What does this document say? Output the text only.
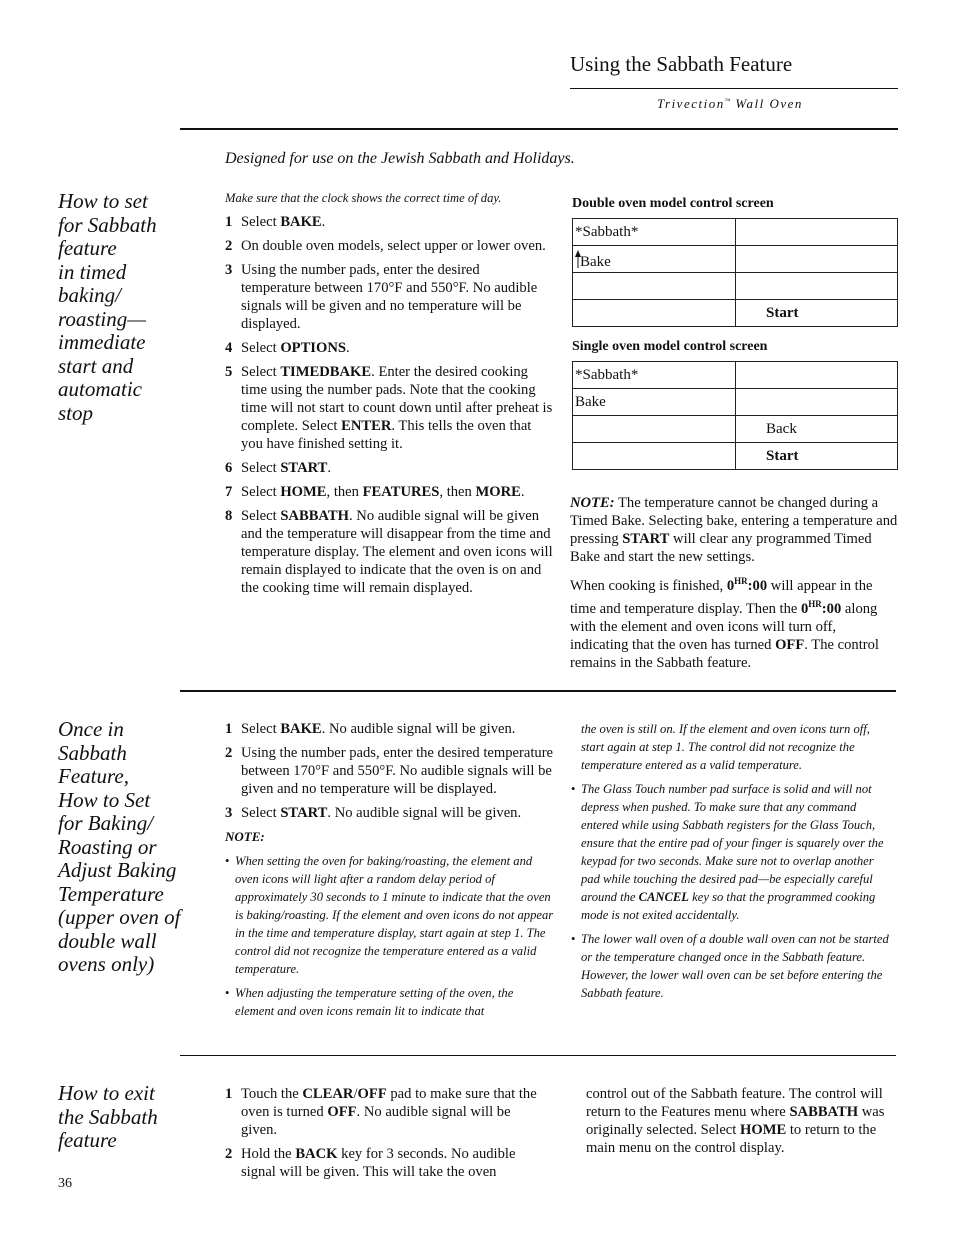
Using the Sabbath Feature
Trivection™ Wall Oven
Designed for use on the Jewish Sabbath and Holidays.
How to set
for Sabbath
feature
in timed
baking/
roasting—
immediate
start and
automatic
stop
Make sure that the clock shows the correct time of day.
1 Select BAKE.
2 On double oven models, select upper or lower oven.
3 Using the number pads, enter the desired temperature between 170°F and 550°F. No audible signals will be given and no temperature will be displayed.
4 Select OPTIONS.
5 Select TIMEDBAKE. Enter the desired cooking time using the number pads. Note that the cooking time will not start to count down until after preheat is complete. Select ENTER. This tells the oven that you have finished setting it.
6 Select START.
7 Select HOME, then FEATURES, then MORE.
8 Select SABBATH. No audible signal will be given and the temperature will disappear from the time and temperature display. The element and oven icons will remain displayed to indicate that the oven is on and the cooking time will remain displayed.
Double oven model control screen
*Sabbath*	
Bake	

	Start
Single oven model control screen
*Sabbath*	
Bake	
	Back
	Start

NOTE: The temperature cannot be changed during a Timed Bake. Selecting bake, entering a temperature and pressing START will clear any programmed Timed Bake and start the new settings.

When cooking is finished, $0^{HR}:00$ will appear in the time and temperature display. Then the $0^{HR}:00$ along with the element and oven icons will turn off, indicating that the oven has turned OFF. The control remains in the Sabbath feature.

Once in
Sabbath
Feature,
How to Set
for Baking/
Roasting or
Adjust Baking
Temperature
(upper oven of
double wall
ovens only)
1 Select BAKE. No audible signal will be given.
2 Using the number pads, enter the desired temperature between 170°F and 550°F. No audible signals will be given and no temperature will be displayed.
3 Select START. No audible signal will be given.
NOTE:
• When setting the oven for baking/roasting, the element and oven icons will light after a random delay period of approximately 30 seconds to 1 minute to indicate that the oven is baking/roasting. If the element and oven icons do not appear in the time and temperature display, start again at step 1. The control did not recognize the temperature entered as a valid temperature.
• When adjusting the temperature setting of the oven, the element and oven icons remain lit to indicate that
the oven is still on. If the element and oven icons turn off, start again at step 1. The control did not recognize the temperature entered as a valid temperature.
• The Glass Touch number pad surface is solid and will not depress when pushed. To make sure that any command entered while using Sabbath registers for the Glass Touch, ensure that the entire pad of your finger is squarely over the keypad for two seconds. Make sure not to overlap another pad while touching the desired pad—be especially careful around the CANCEL key so that the programmed cooking mode is not exited accidentally.
• The lower wall oven of a double wall oven can not be started or the temperature changed once in the Sabbath feature. However, the lower wall oven can be set before entering the Sabbath feature.
How to exit
the Sabbath
feature
1 Touch the CLEAR/OFF pad to make sure that the oven is turned OFF. No audible signal will be given.
2 Hold the BACK key for 3 seconds. No audible signal will be given. This will take the oven
control out of the Sabbath feature. The control will return to the Features menu where SABBATH was originally selected. Select HOME to return to the main menu on the control display.
36
